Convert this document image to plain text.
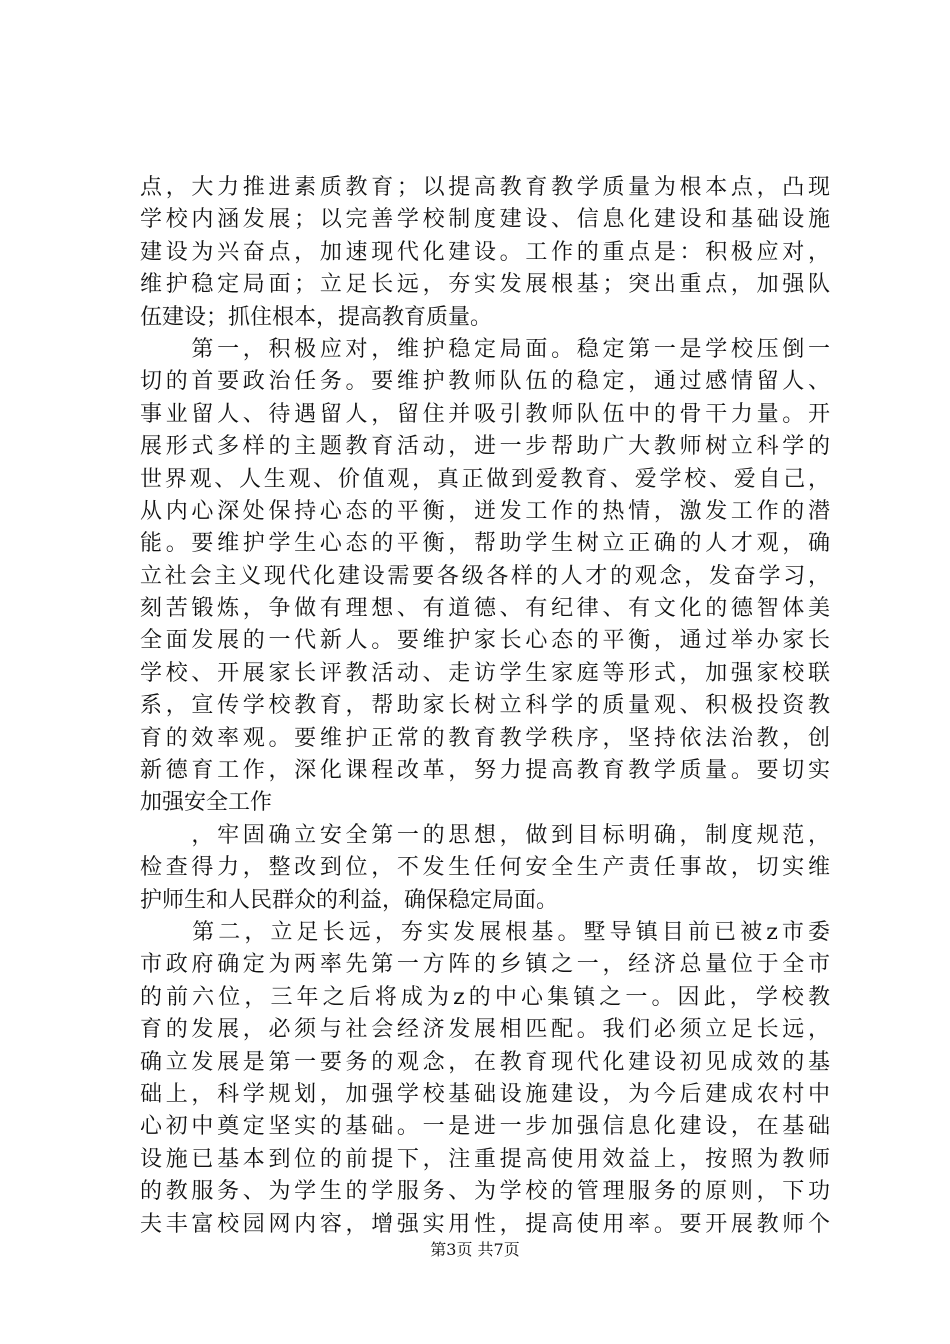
点，大力推进素质教育；以提高教育教学质量为根本点，凸现
学校内涵发展；以完善学校制度建设、信息化建设和基础设施
建设为兴奋点，加速现代化建设。工作的重点是：积极应对，
维护稳定局面；立足长远，夯实发展根基；突出重点，加强队
伍建设；抓住根本，提高教育质量。
　　第一，积极应对，维护稳定局面。稳定第一是学校压倒一
切的首要政治任务。要维护教师队伍的稳定，通过感情留人、
事业留人、待遇留人，留住并吸引教师队伍中的骨干力量。开
展形式多样的主题教育活动，进一步帮助广大教师树立科学的
世界观、人生观、价值观，真正做到爱教育、爱学校、爱自己，
从内心深处保持心态的平衡，迸发工作的热情，激发工作的潜
能。要维护学生心态的平衡，帮助学生树立正确的人才观，确
立社会主义现代化建设需要各级各样的人才的观念，发奋学习，
刻苦锻炼，争做有理想、有道德、有纪律、有文化的德智体美
全面发展的一代新人。要维护家长心态的平衡，通过举办家长
学校、开展家长评教活动、走访学生家庭等形式，加强家校联
系，宣传学校教育，帮助家长树立科学的质量观、积极投资教
育的效率观。要维护正常的教育教学秩序，坚持依法治教，创
新德育工作，深化课程改革，努力提高教育教学质量。要切实
加强安全工作
　　，牢固确立安全第一的思想，做到目标明确，制度规范，
检查得力，整改到位，不发生任何安全生产责任事故，切实维
护师生和人民群众的利益，确保稳定局面。
　　第二，立足长远，夯实发展根基。墅导镇目前已被z市委
市政府确定为两率先第一方阵的乡镇之一，经济总量位于全市
的前六位，三年之后将成为z的中心集镇之一。因此，学校教
育的发展，必须与社会经济发展相匹配。我们必须立足长远，
确立发展是第一要务的观念，在教育现代化建设初见成效的基
础上，科学规划，加强学校基础设施建设，为今后建成农村中
心初中奠定坚实的基础。一是进一步加强信息化建设，在基础
设施已基本到位的前提下，注重提高使用效益上，按照为教师
的教服务、为学生的学服务、为学校的管理服务的原则，下功
夫丰富校园网内容，增强实用性，提高使用率。要开展教师个
第3页 共7页
